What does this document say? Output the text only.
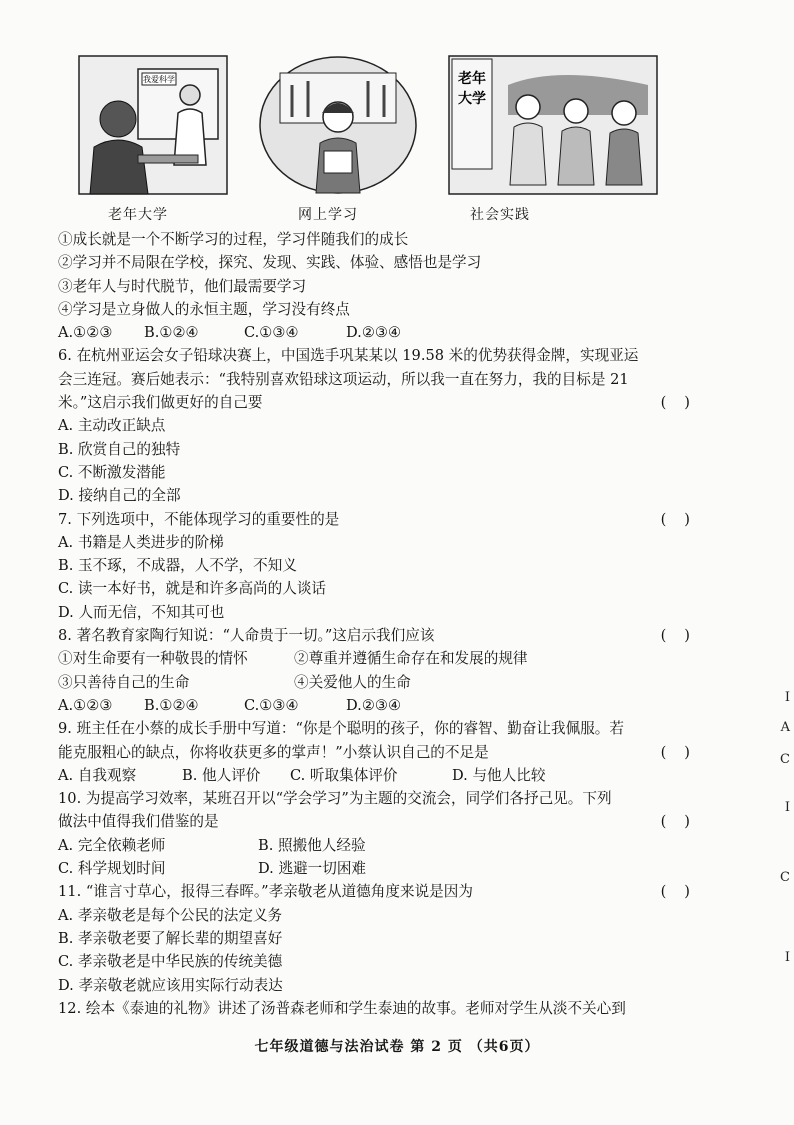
我爱科学	老年
大学
老年大学	网上学习	社会实践
①成长就是一个不断学习的过程，学习伴随我们的成长
②学习并不局限在学校，探究、发现、实践、体验、感悟也是学习
③老年人与时代脱节，他们最需要学习
④学习是立身做人的永恒主题，学习没有终点
A.①②③ B.①②④	C.①③④	D.②③④
6. 在杭州亚运会女子铅球决赛上，中国选手巩某某以 19.58 米的优势获得金牌，实现亚运
会三连冠。赛后她表示：“我特别喜欢铅球这项运动，所以我一直在努力，我的目标是 21
米。”这启示我们做更好的自己要	()
A. 主动改正缺点
B. 欣赏自己的独特
C. 不断激发潜能
D. 接纳自己的全部
7. 下列选项中，不能体现学习的重要性的是	()
A. 书籍是人类进步的阶梯
B. 玉不琢，不成器，人不学，不知义
C. 读一本好书，就是和许多高尚的人谈话
D. 人而无信，不知其可也
8. 著名教育家陶行知说：“人命贵于一切。”这启示我们应该	()
①对生命要有一种敬畏的情怀	②尊重并遵循生命存在和发展的规律
③只善待自己的生命	④关爱他人的生命
A.①②③ B.①②④	C.①③④	D.②③④
9. 班主任在小蔡的成长手册中写道：“你是个聪明的孩子，你的睿智、勤奋让我佩服。若
能克服粗心的缺点，你将收获更多的掌声！”小蔡认识自己的不足是	()
A. 自我观察	B. 他人评价 C. 听取集体评价	D. 与他人比较
10. 为提高学习效率，某班召开以“学会学习”为主题的交流会，同学们各抒己见。下列
做法中值得我们借鉴的是	()
A. 完全依赖老师	B. 照搬他人经验
C. 科学规划时间	D. 逃避一切困难
11. “谁言寸草心，报得三春晖。”孝亲敬老从道德角度来说是因为	()
A. 孝亲敬老是每个公民的法定义务
B. 孝亲敬老要了解长辈的期望喜好
C. 孝亲敬老是中华民族的传统美德
D. 孝亲敬老就应该用实际行动表达
12. 绘本《泰迪的礼物》讲述了汤普森老师和学生泰迪的故事。老师对学生从淡不关心到
七年级道德与法治试卷 第 2 页 （共6页）
I
A
C
I
C
I
